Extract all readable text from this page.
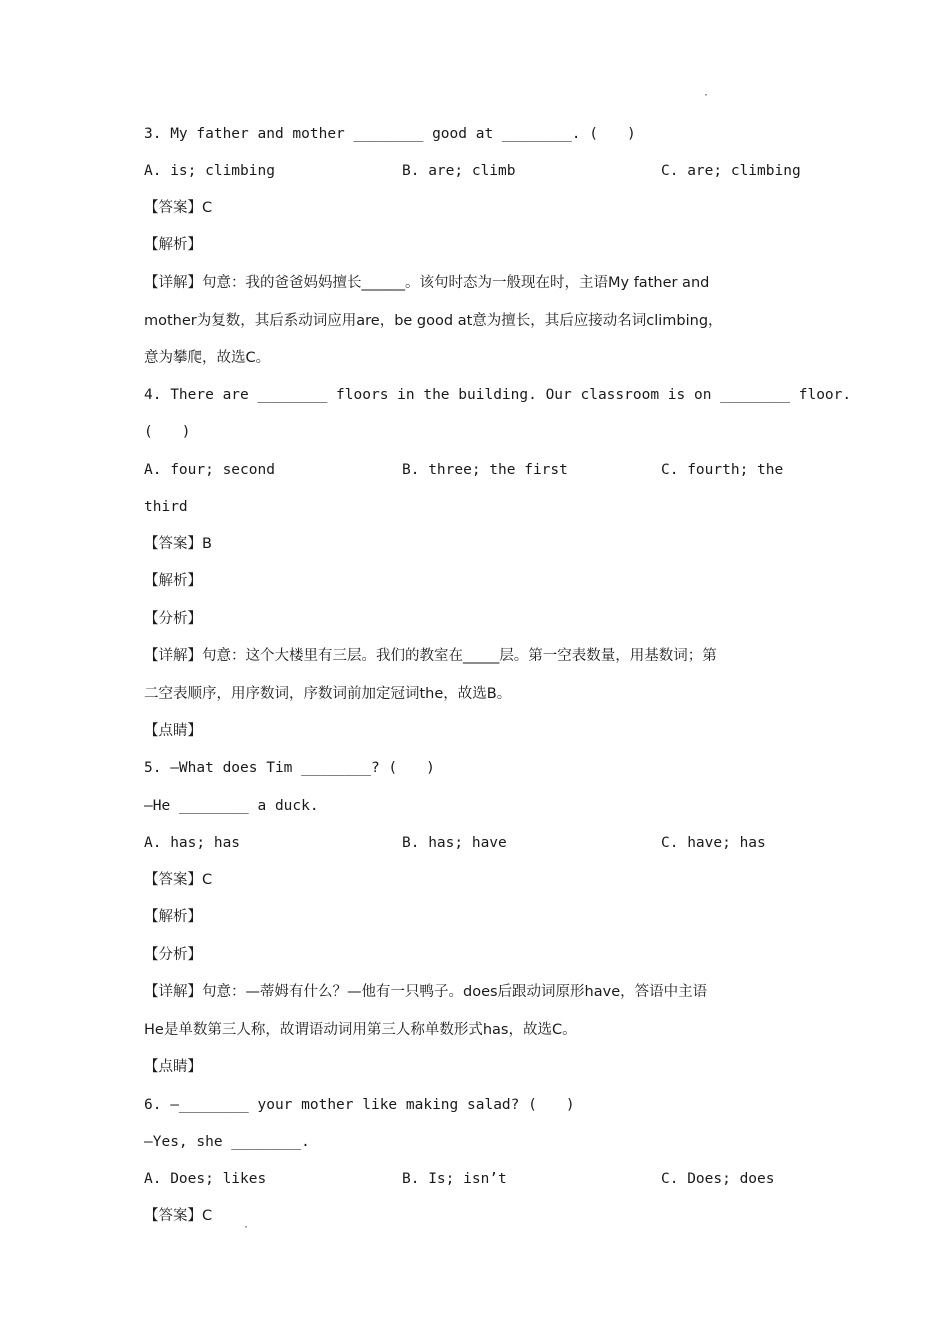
·
3. My father and mother ________ good at ________. (　　)
A. is; climbing	B. are; climb	C. are; climbing
【答案】C
【解析】
【详解】句意：我的爸爸妈妈擅长______。该句时态为一般现在时，主语My father and
mother为复数，其后系动词应用are，be good at意为擅长，其后应接动名词climbing，
意为攀爬，故选C。
4. There are ________ floors in the building. Our classroom is on ________ floor.
(　　)
A. four; second	B. three; the first	C. fourth; the
third
【答案】B
【解析】
【分析】
【详解】句意：这个大楼里有三层。我们的教室在_____层。第一空表数量，用基数词；第
二空表顺序，用序数词，序数词前加定冠词the，故选B。
【点睛】
5. —What does Tim ________? (　　)
—He ________ a duck.
A. has; has	B. has; have	C. have; has
【答案】C
【解析】
【分析】
【详解】句意：—蒂姆有什么？—他有一只鸭子。does后跟动词原形have，答语中主语
He是单数第三人称，故谓语动词用第三人称单数形式has，故选C。
【点睛】
6. —________ your mother like making salad? (　　)
—Yes, she ________.
A. Does; likes	B. Is; isn’t	C. Does; does
【答案】C
·
